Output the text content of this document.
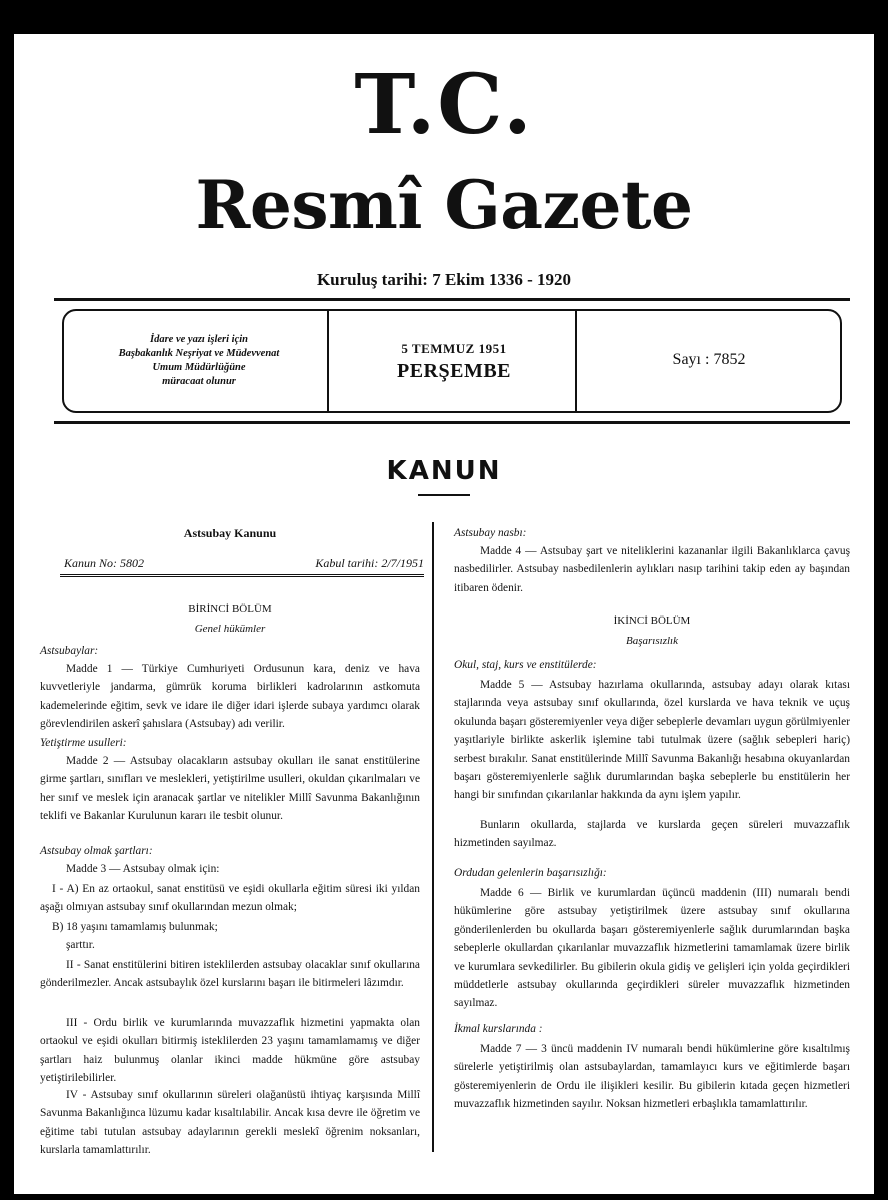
T.C.
Resmî Gazete
Kuruluş tarihi: 7 Ekim 1336 - 1920
İdare ve yazı işleri için
Başbakanlık Neşriyat ve Müdevvenat
Umum Müdürlüğüne
müracaat olunur
5 TEMMUZ 1951
PERŞEMBE
Sayı : 7852
KANUN
Astsubay Kanunu
Kanun No: 5802	Kabul tarihi: 2/7/1951
BİRİNCİ BÖLÜM
Genel hükümler
Astsubaylar:
Madde 1 — Türkiye Cumhuriyeti Ordusunun kara, deniz ve hava kuvvetleriyle jandarma, gümrük koruma birlikleri kadrolarının astkomuta kademelerinde eğitim, sevk ve idare ile diğer idari işlerde subaya yardımcı olarak görevlendirilen askerî şahıslara (Astsubay) adı verilir.
Yetiştirme usulleri:
Madde 2 — Astsubay olacakların astsubay okulları ile sanat enstitülerine girme şartları, sınıfları ve meslekleri, yetiştirilme usulleri, okuldan çıkarılmaları ve her sınıf ve meslek için aranacak şartlar ve nitelikler Millî Savunma Bakanlığının teklifi ve Bakanlar Kurulunun kararı ile tesbit olunur.
Astsubay olmak şartları:
Madde 3 — Astsubay olmak için:
I - A) En az ortaokul, sanat enstitüsü ve eşidi okullarla eğitim süresi iki yıldan aşağı olmıyan astsubay sınıf okullarından mezun olmak;
B) 18 yaşını tamamlamış bulunmak;
şarttır.
II - Sanat enstitülerini bitiren isteklilerden astsubay olacaklar sınıf okullarına gönderilmezler. Ancak astsubaylık özel kurslarını başarı ile bitirmeleri lâzımdır.
III - Ordu birlik ve kurumlarında muvazzaflık hizmetini yapmakta olan ortaokul ve eşidi okulları bitirmiş isteklilerden 23 yaşını tamamlamamış ve diğer şartları haiz bulunmuş olanlar ikinci madde hükmüne göre astsubay yetiştirilebilirler.
IV - Astsubay sınıf okullarının süreleri olağanüstü ihtiyaç karşısında Millî Savunma Bakanlığınca lüzumu kadar kısaltılabilir. Ancak kısa devre ile öğretim ve eğitime tabi tutulan astsubay adaylarının gerekli meslekî öğrenim noksanları, kurslarla tamamlattırılır.
Astsubay nasbı:
Madde 4 — Astsubay şart ve niteliklerini kazananlar ilgili Bakanlıklarca çavuş nasbedilirler. Astsubay nasbedilenlerin aylıkları nasıp tarihini takip eden ay başından itibaren ödenir.
İKİNCİ BÖLÜM
Başarısızlık
Okul, staj, kurs ve enstitülerde:
Madde 5 — Astsubay hazırlama okullarında, astsubay adayı olarak kıtası stajlarında veya astsubay sınıf okullarında, özel kurslarda ve hava teknik ve uçuş okulunda başarı gösteremiyenler veya diğer sebeplerle devamları uygun görülmiyenler yaşıtlariyle birlikte askerlik işlemine tabi tutulmak üzere (sağlık sebepleri hariç) serbest bırakılır. Sanat enstitülerinde Millî Savunma Bakanlığı hesabına okuyanlardan başarı gösteremiyenlerle sağlık durumlarından başka sebeplerle bu enstitülerin her hangi bir sınıfından çıkarılanlar hakkında da aynı işlem yapılır.
Bunların okullarda, stajlarda ve kurslarda geçen süreleri muvazzaflık hizmetinden sayılmaz.
Ordudan gelenlerin başarısızlığı:
Madde 6 — Birlik ve kurumlardan üçüncü maddenin (III) numaralı bendi hükümlerine göre astsubay yetiştirilmek üzere astsubay sınıf okullarına gönderilenlerden bu okullarda başarı gösteremiyenlerle sağlık durumlarından başka sebeplerle okullardan çıkarılanlar muvazzaflık hizmetlerini tamamlamak üzere birlik ve kurumlara sevkedilirler. Bu gibilerin okula gidiş ve gelişleri için yolda geçirdikleri müddetlerle astsubay okullarında geçirdikleri süreler muvazzaflık hizmetinden sayılmaz.
İkmal kurslarında :
Madde 7 — 3 üncü maddenin IV numaralı bendi hükümlerine göre kısaltılmış sürelerle yetiştirilmiş olan astsubaylardan, tamamlayıcı kurs ve eğitimlerde başarı gösteremiyenlerin de Ordu ile ilişikleri kesilir. Bu gibilerin kıtada geçen hizmetleri muvazzaflık hizmetinden sayılır. Noksan hizmetleri erbaşlıkla tamamlattırılır.
